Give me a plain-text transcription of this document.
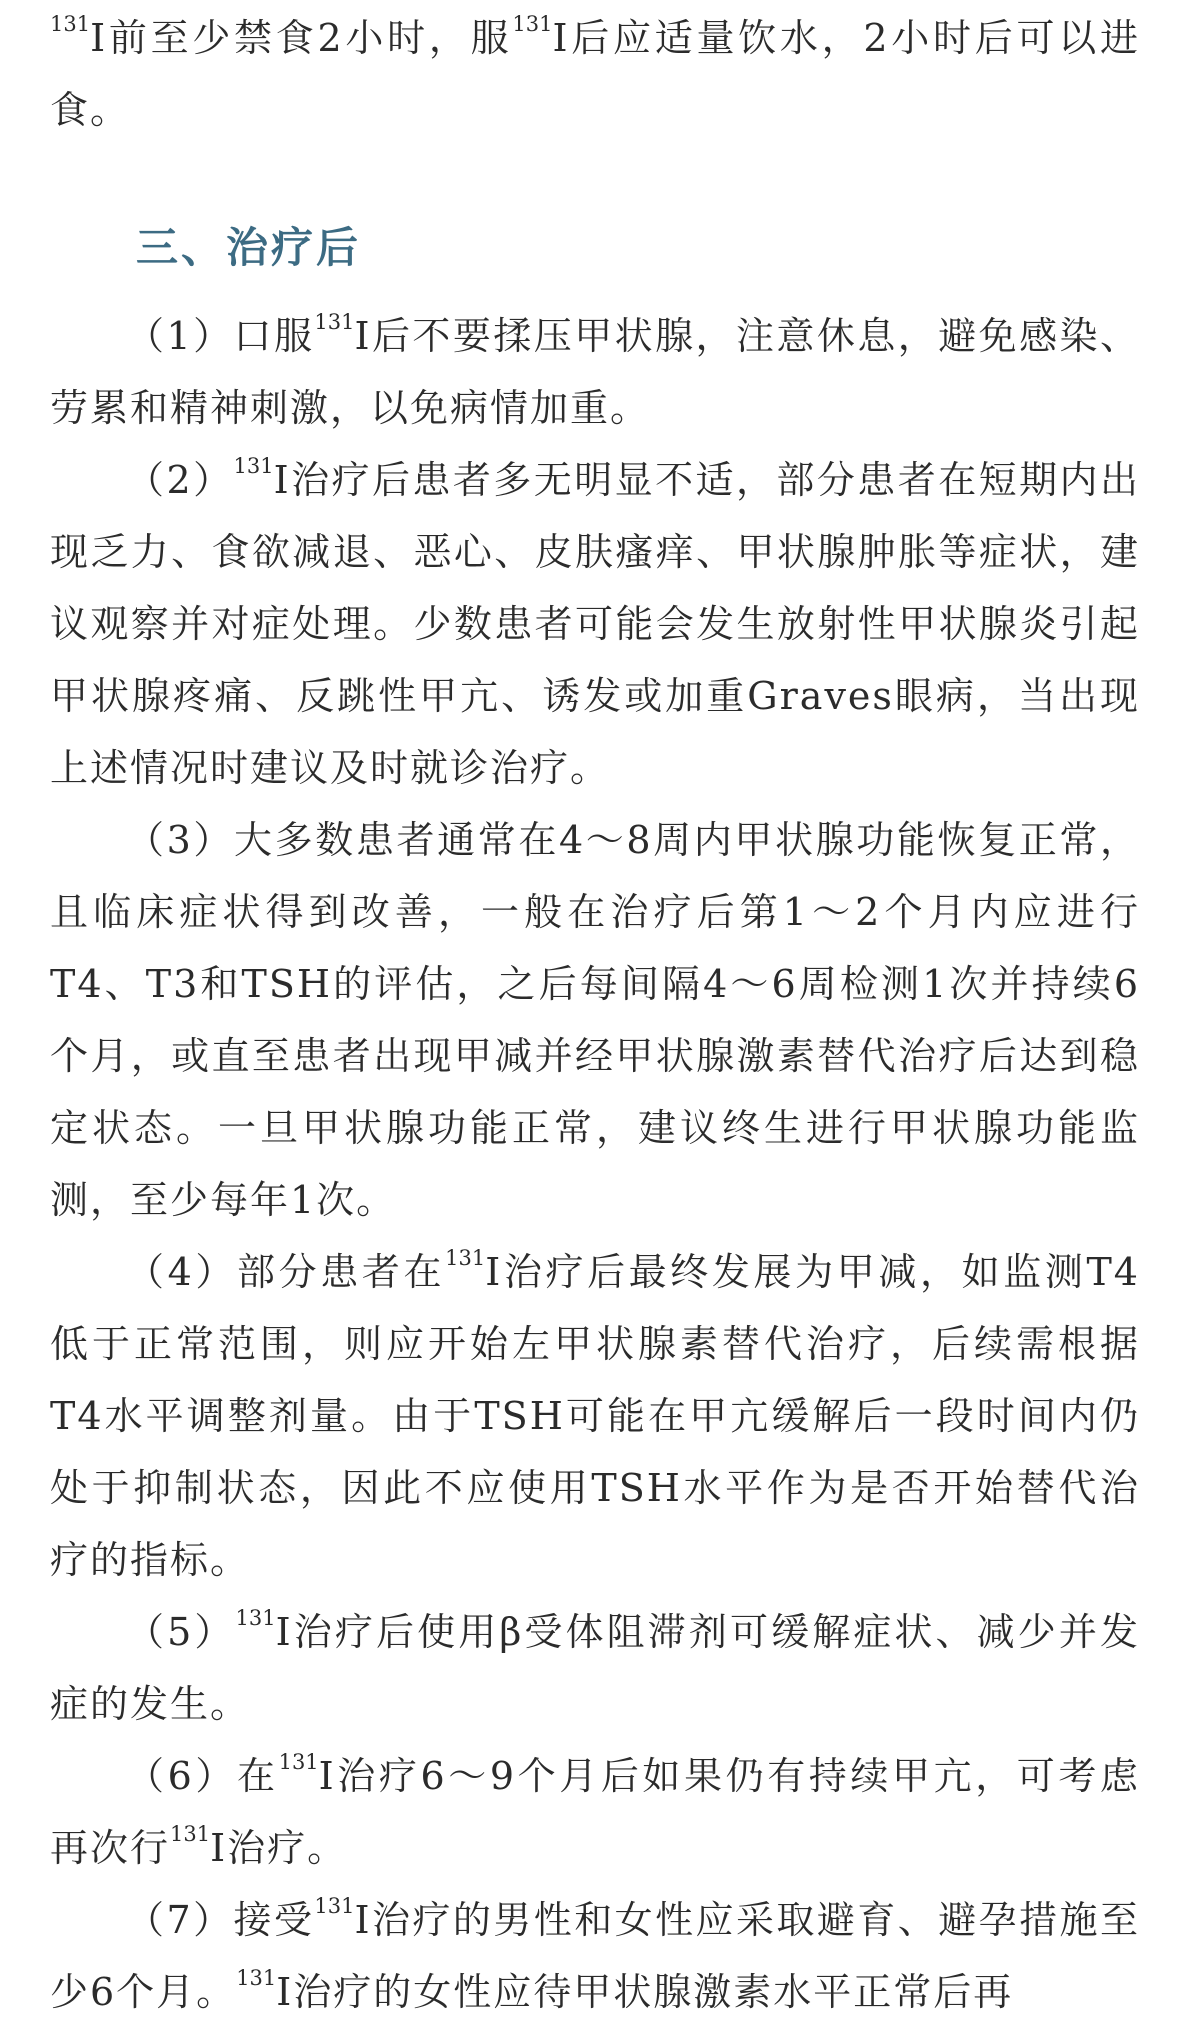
$^{131}$I前至少禁食2小时，服$^{131}$I后应适量饮水，2小时后可以进食。

三、治疗后

（1）口服$^{131}$I后不要揉压甲状腺，注意休息，避免感染、劳累和精神刺激，以免病情加重。

$(2)^{131}I$治疗后患者多无明显不适，部分患者在短期内出现乏力、食欲减退、恶心、皮肤瘙痒、甲状腺肿胀等症状，建议观察并对症处理。少数患者可能会发生放射性甲状腺炎引起甲状腺疼痛、反跳性甲亢、诱发或加重Graves眼病，当出现上述情况时建议及时就诊治疗。

（3）大多数患者通常在4～8周内甲状腺功能恢复正常，且临床症状得到改善，一般在治疗后第1～2个月内应进行T4、T3和TSH的评估，之后每间隔4～6周检测1次并持续6个月，或直至患者出现甲减并经甲状腺激素替代治疗后达到稳定状态。一旦甲状腺功能正常，建议终生进行甲状腺功能监测，至少每年1次。

（4）部分患者在$^{131}$I治疗后最终发展为甲减，如监测T4低于正常范围，则应开始左甲状腺素替代治疗，后续需根据T4水平调整剂量。由于TSH可能在甲亢缓解后一段时间内仍处于抑制状态，因此不应使用TSH水平作为是否开始替代治疗的指标。

$(5)^{131}I$治疗后使用β受体阻滞剂可缓解症状、减少并发症的发生。

（6）在$^{131}$I治疗6～9个月后如果仍有持续甲亢，可考虑再次行$^{131}$I治疗。

（7）接受$^{131}$I治疗的男性和女性应采取避育、避孕措施至少6个月。$^{131}$I治疗的女性应待甲状腺激素水平正常后再
